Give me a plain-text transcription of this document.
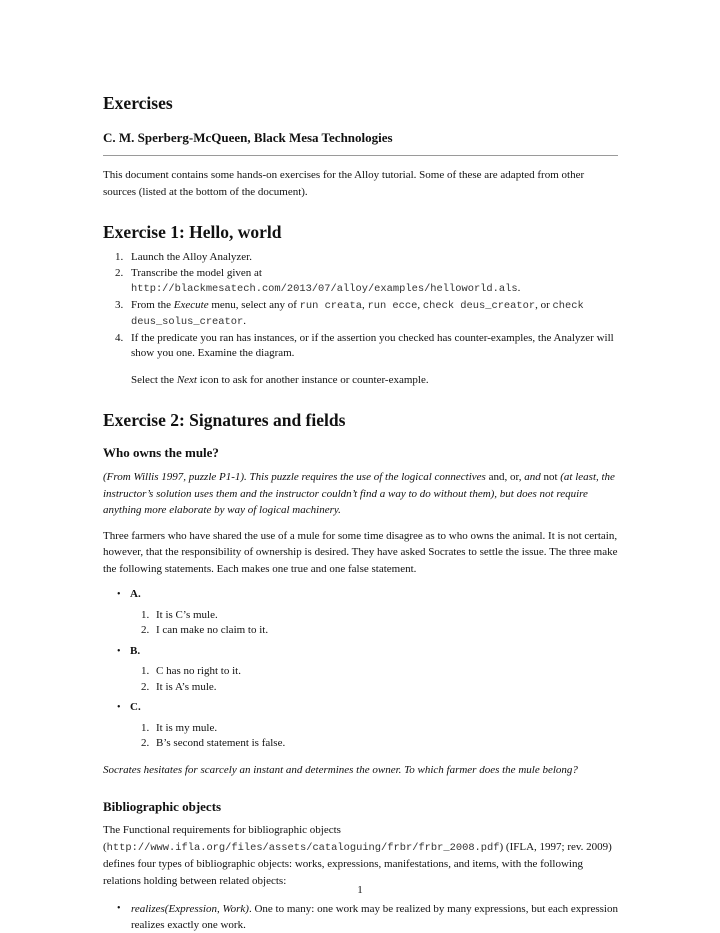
Exercises
C. M. Sperberg-McQueen, Black Mesa Technologies

This document contains some hands-on exercises for the Alloy tutorial. Some of these are adapted from other sources (listed at the bottom of the document).

Exercise 1: Hello, world
1. Launch the Alloy Analyzer.
2. Transcribe the model given at
http://blackmesatech.com/2013/07/alloy/examples/helloworld.als.
3. From the Execute menu, select any of run creata, run ecce, check deus_creator, or check deus_solus_creator.
4. If the predicate you ran has instances, or if the assertion you checked has counter-examples, the Analyzer will show you one. Examine the diagram.

Select the Next icon to ask for another instance or counter-example.

Exercise 2: Signatures and fields
Who owns the mule?

(From Willis 1997, puzzle P1-1). This puzzle requires the use of the logical connectives and, or, and not (at least, the instructor’s solution uses them and the instructor couldn’t find a way to do without them), but does not require anything more elaborate by way of logical machinery.

Three farmers who have shared the use of a mule for some time disagree as to who owns the animal. It is not certain, however, that the responsibility of ownership is desired. They have asked Socrates to settle the issue. The three make the following statements. Each makes one true and one false statement.

• A.
1. It is C’s mule.
2. I can make no claim to it.
• B.
1. C has no right to it.
2. It is A’s mule.
• C.
1. It is my mule.
2. B’s second statement is false.

Socrates hesitates for scarcely an instant and determines the owner. To which farmer does the mule belong?

Bibliographic objects

The Functional requirements for bibliographic objects (http://www.ifla.org/files/assets/cataloguing/frbr/frbr_2008.pdf) (IFLA, 1997; rev. 2009) defines four types of bibliographic objects: works, expressions, manifestations, and items, with the following relations holding between related objects:

• realizes(Expression, Work). One to many: one work may be realized by many expressions, but each expression realizes exactly one work.
1
